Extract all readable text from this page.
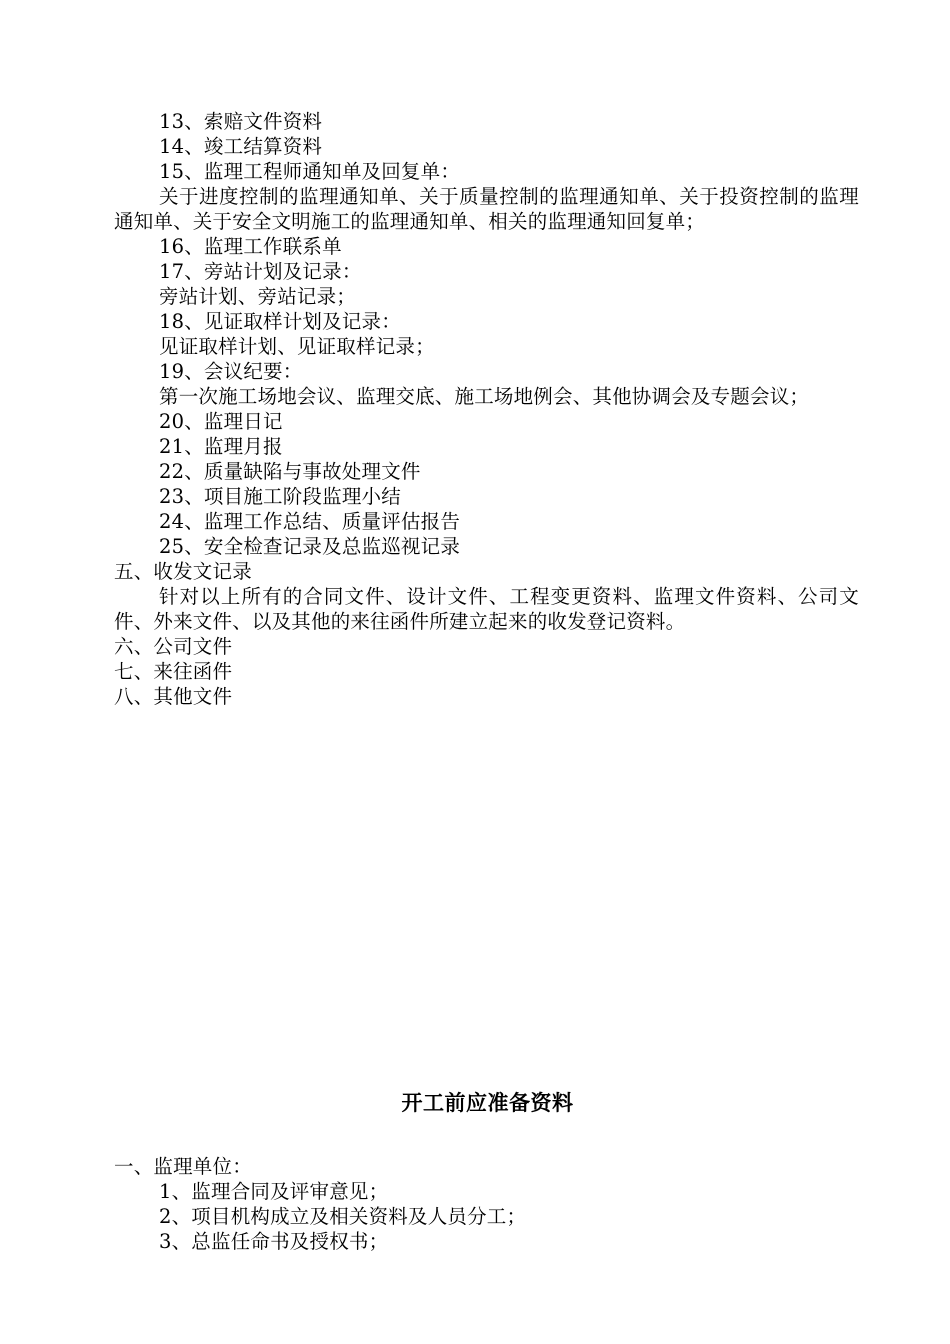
13、索赔文件资料
14、竣工结算资料
15、监理工程师通知单及回复单：
关于进度控制的监理通知单、关于质量控制的监理通知单、关于投资控制的监理通知单、关于安全文明施工的监理通知单、相关的监理通知回复单；
16、监理工作联系单
17、旁站计划及记录：
旁站计划、旁站记录；
18、见证取样计划及记录：
见证取样计划、见证取样记录；
19、会议纪要：
第一次施工场地会议、监理交底、施工场地例会、其他协调会及专题会议；
20、监理日记
21、监理月报
22、质量缺陷与事故处理文件
23、项目施工阶段监理小结
24、监理工作总结、质量评估报告
25、安全检查记录及总监巡视记录
五、收发文记录
针对以上所有的合同文件、设计文件、工程变更资料、监理文件资料、公司文件、外来文件、以及其他的来往函件所建立起来的收发登记资料。
六、公司文件
七、来往函件
八、其他文件
开工前应准备资料
一、监理单位：
1、监理合同及评审意见；
2、项目机构成立及相关资料及人员分工；
3、总监任命书及授权书；
